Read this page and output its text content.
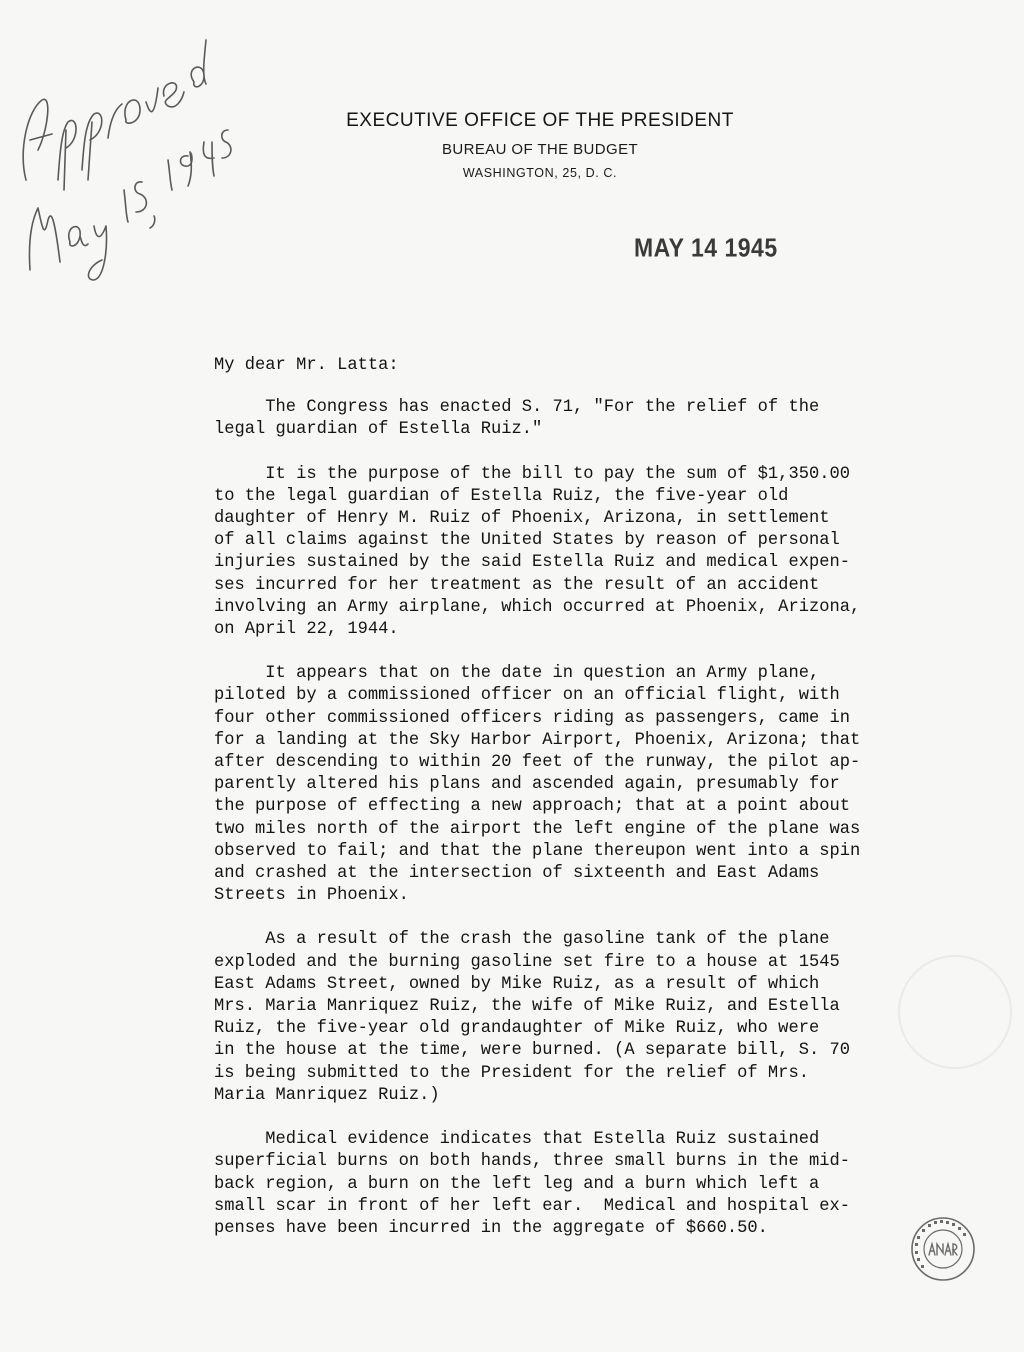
EXECUTIVE OFFICE OF THE PRESIDENT
BUREAU OF THE BUDGET
WASHINGTON, 25, D. C.
MAY 14 1945
My dear Mr. Latta:
The Congress has enacted S. 71, "For the relief of the
legal guardian of Estella Ruiz."
It is the purpose of the bill to pay the sum of $1,350.00
to the legal guardian of Estella Ruiz, the five-year old
daughter of Henry M. Ruiz of Phoenix, Arizona, in settlement
of all claims against the United States by reason of personal
injuries sustained by the said Estella Ruiz and medical expen-
ses incurred for her treatment as the result of an accident
involving an Army airplane, which occurred at Phoenix, Arizona,
on April 22, 1944.
It appears that on the date in question an Army plane,
piloted by a commissioned officer on an official flight, with
four other commissioned officers riding as passengers, came in
for a landing at the Sky Harbor Airport, Phoenix, Arizona; that
after descending to within 20 feet of the runway, the pilot ap-
parently altered his plans and ascended again, presumably for
the purpose of effecting a new approach; that at a point about
two miles north of the airport the left engine of the plane was
observed to fail; and that the plane thereupon went into a spin
and crashed at the intersection of sixteenth and East Adams
Streets in Phoenix.
As a result of the crash the gasoline tank of the plane
exploded and the burning gasoline set fire to a house at 1545
East Adams Street, owned by Mike Ruiz, as a result of which
Mrs. Maria Manriquez Ruiz, the wife of Mike Ruiz, and Estella
Ruiz, the five-year old grandaughter of Mike Ruiz, who were
in the house at the time, were burned. (A separate bill, S. 70
is being submitted to the President for the relief of Mrs.
Maria Manriquez Ruiz.)
Medical evidence indicates that Estella Ruiz sustained
superficial burns on both hands, three small burns in the mid-
back region, a burn on the left leg and a burn which left a
small scar in front of her left ear.  Medical and hospital ex-
penses have been incurred in the aggregate of $660.50.
